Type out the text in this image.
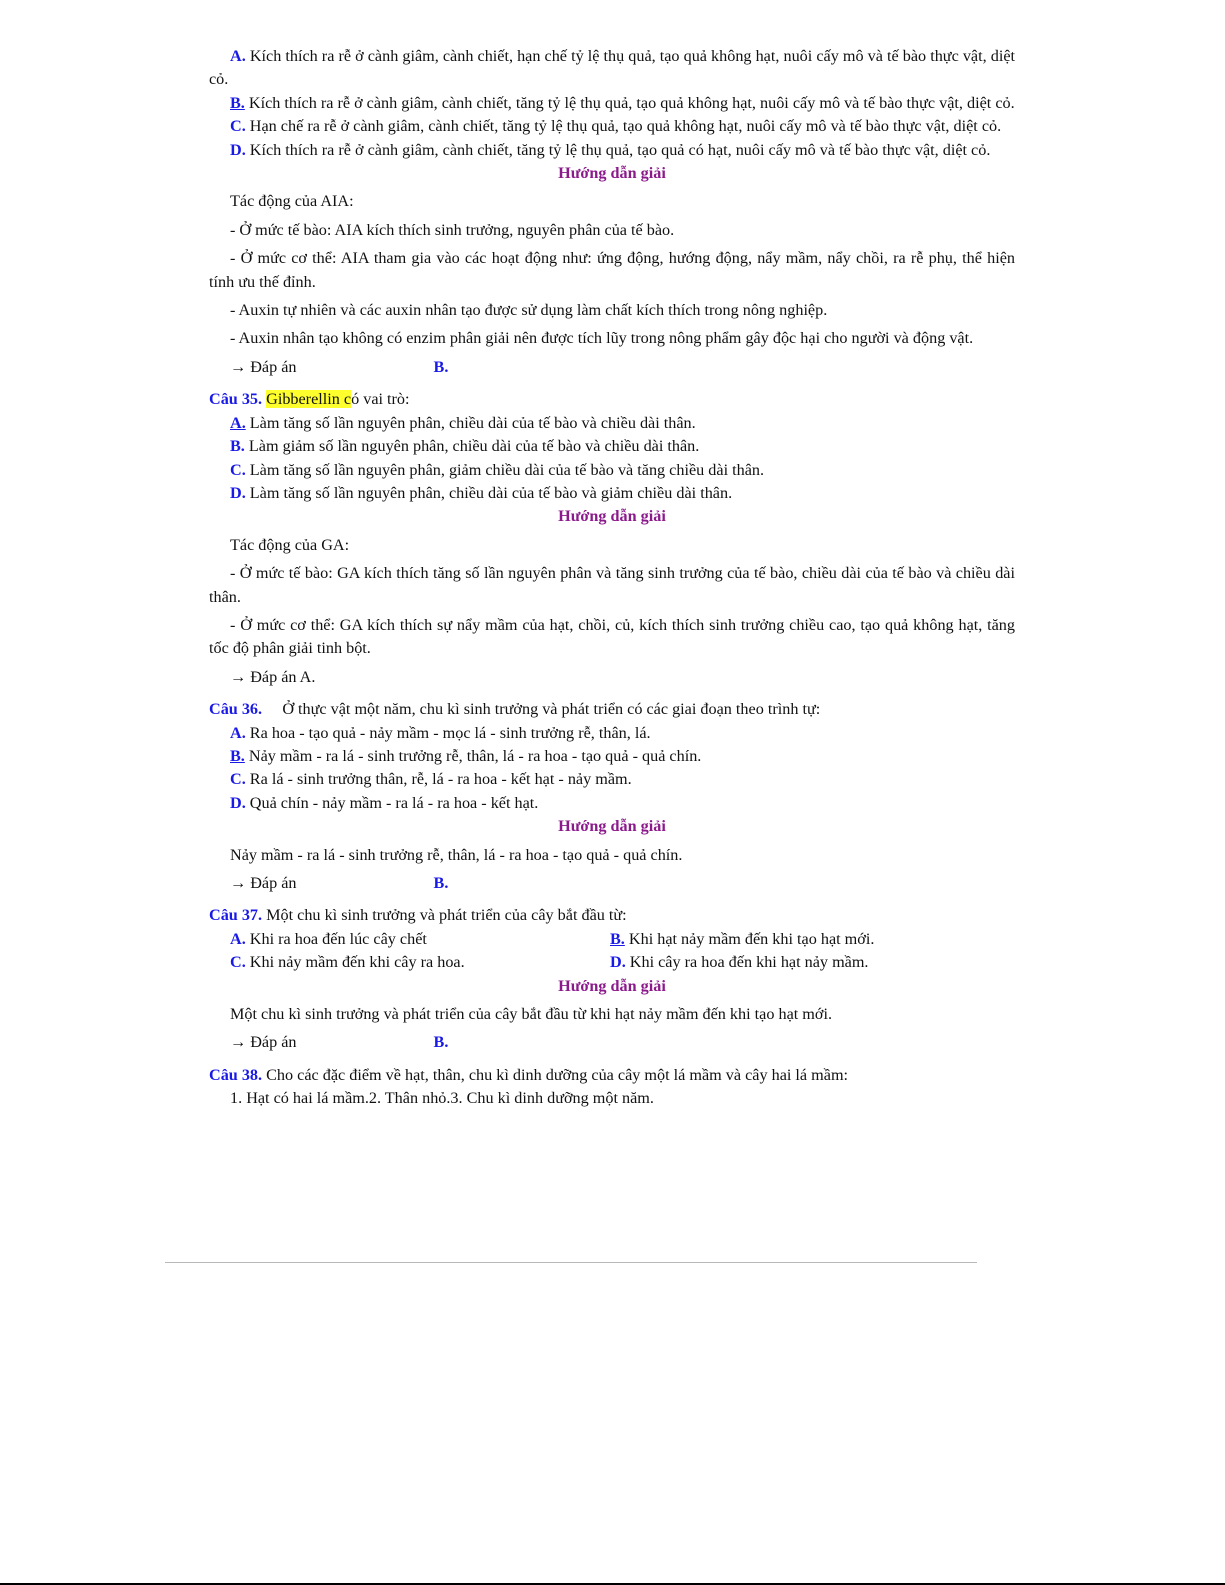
A. Kích thích ra rễ ở cành giâm, cành chiết, hạn chế tỷ lệ thụ quả, tạo quả không hạt, nuôi cấy mô và tế bào thực vật, diệt cỏ.

B. Kích thích ra rễ ở cành giâm, cành chiết, tăng tỷ lệ thụ quả, tạo quả không hạt, nuôi cấy mô và tế bào thực vật, diệt cỏ.

C. Hạn chế ra rễ ở cành giâm, cành chiết, tăng tỷ lệ thụ quả, tạo quả không hạt, nuôi cấy mô và tế bào thực vật, diệt cỏ.

D. Kích thích ra rễ ở cành giâm, cành chiết, tăng tỷ lệ thụ quả, tạo quả có hạt, nuôi cấy mô và tế bào thực vật, diệt cỏ.

Hướng dẫn giải

Tác động của AIA:

- Ở mức tế bào: AIA kích thích sinh trưởng, nguyên phân của tế bào.

- Ở mức cơ thể: AIA tham gia vào các hoạt động như: ứng động, hướng động, nẩy mầm, nẩy chồi, ra rễ phụ, thể hiện tính ưu thế đỉnh.

- Auxin tự nhiên và các auxin nhân tạo được sử dụng làm chất kích thích trong nông nghiệp.

- Auxin nhân tạo không có enzim phân giải nên được tích lũy trong nông phẩm gây độc hại cho người và động vật.

→ Đáp án	B.

Câu 35. Gibberellin có vai trò:

A. Làm tăng số lần nguyên phân, chiều dài của tế bào và chiều dài thân.

B. Làm giảm số lần nguyên phân, chiều dài của tế bào và chiều dài thân.

C. Làm tăng số lần nguyên phân, giảm chiều dài của tế bào và tăng chiều dài thân.

D. Làm tăng số lần nguyên phân, chiều dài của tế bào và giảm chiều dài thân.

Hướng dẫn giải

Tác động của GA:

- Ở mức tế bào: GA kích thích tăng số lần nguyên phân và tăng sinh trưởng của tế bào, chiều dài của tế bào và chiều dài thân.

- Ở mức cơ thể: GA kích thích sự nẩy mầm của hạt, chồi, củ, kích thích sinh trưởng chiều cao, tạo quả không hạt, tăng tốc độ phân giải tinh bột.

→ Đáp án A.

Câu 36. Ở thực vật một năm, chu kì sinh trưởng và phát triển có các giai đoạn theo trình tự:

A. Ra hoa - tạo quả - nảy mầm - mọc lá - sinh trưởng rễ, thân, lá.

B. Nảy mầm - ra lá - sinh trưởng rễ, thân, lá - ra hoa - tạo quả - quả chín.

C. Ra lá - sinh trưởng thân, rễ, lá - ra hoa - kết hạt - nảy mầm.

D. Quả chín - nảy mầm - ra lá - ra hoa - kết hạt.

Hướng dẫn giải

Nảy mầm - ra lá - sinh trưởng rễ, thân, lá - ra hoa - tạo quả - quả chín.

→ Đáp án	B.

Câu 37. Một chu kì sinh trưởng và phát triển của cây bắt đầu từ:

A. Khi ra hoa đến lúc cây chết	B. Khi hạt nảy mầm đến khi tạo hạt mới.
C. Khi nảy mầm đến khi cây ra hoa.	D. Khi cây ra hoa đến khi hạt nảy mầm.

Hướng dẫn giải

Một chu kì sinh trưởng và phát triển của cây bắt đầu từ khi hạt nảy mầm đến khi tạo hạt mới.

→ Đáp án	B.

Câu 38. Cho các đặc điểm về hạt, thân, chu kì dinh dưỡng của cây một lá mầm và cây hai lá mầm:

1. Hạt có hai lá mầm.2. Thân nhỏ.3. Chu kì dinh dưỡng một năm.
